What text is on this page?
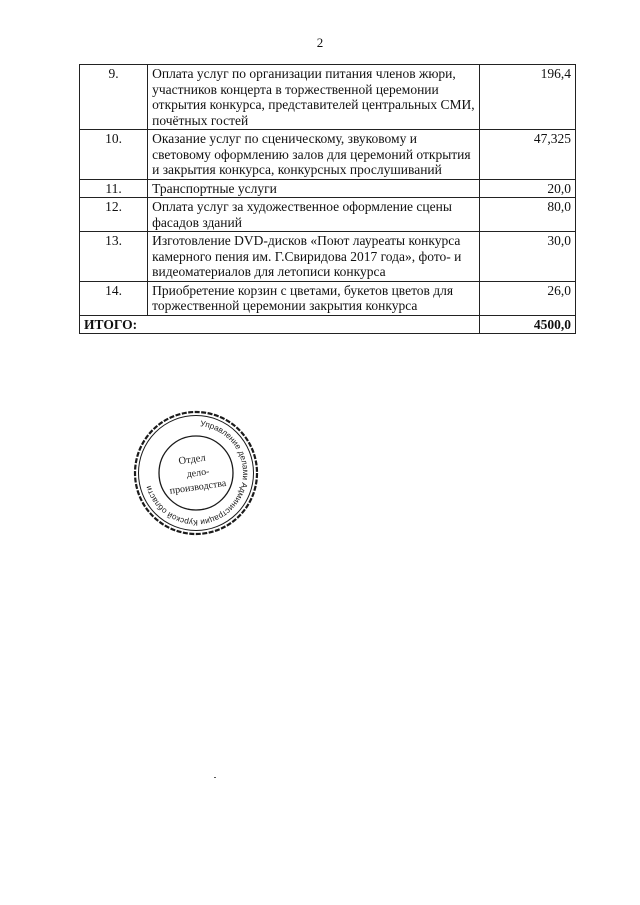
2
9.	Оплата услуг по организации питания членов жюри, участников концерта в торжественной церемонии открытия конкурса, представителей центральных СМИ, почётных гостей	196,4
10.	Оказание услуг по сценическому, звуковому и световому оформлению залов для церемоний открытия и закрытия конкурса, конкурсных прослушиваний	47,325
11.	Транспортные услуги	20,0
12.	Оплата услуг за художественное оформление сцены фасадов зданий	80,0
13.	Изготовление DVD-дисков «Поют лауреаты конкурса камерного пения им. Г.Свиридова 2017 года», фото- и видеоматериалов для летописи конкурса	30,0
14.	Приобретение корзин с цветами, букетов цветов для торжественной церемонии закрытия конкурса	26,0
ИТОГО:		4500,0
Управление делами Администрации Курской области
Отдел
дело-
производства
